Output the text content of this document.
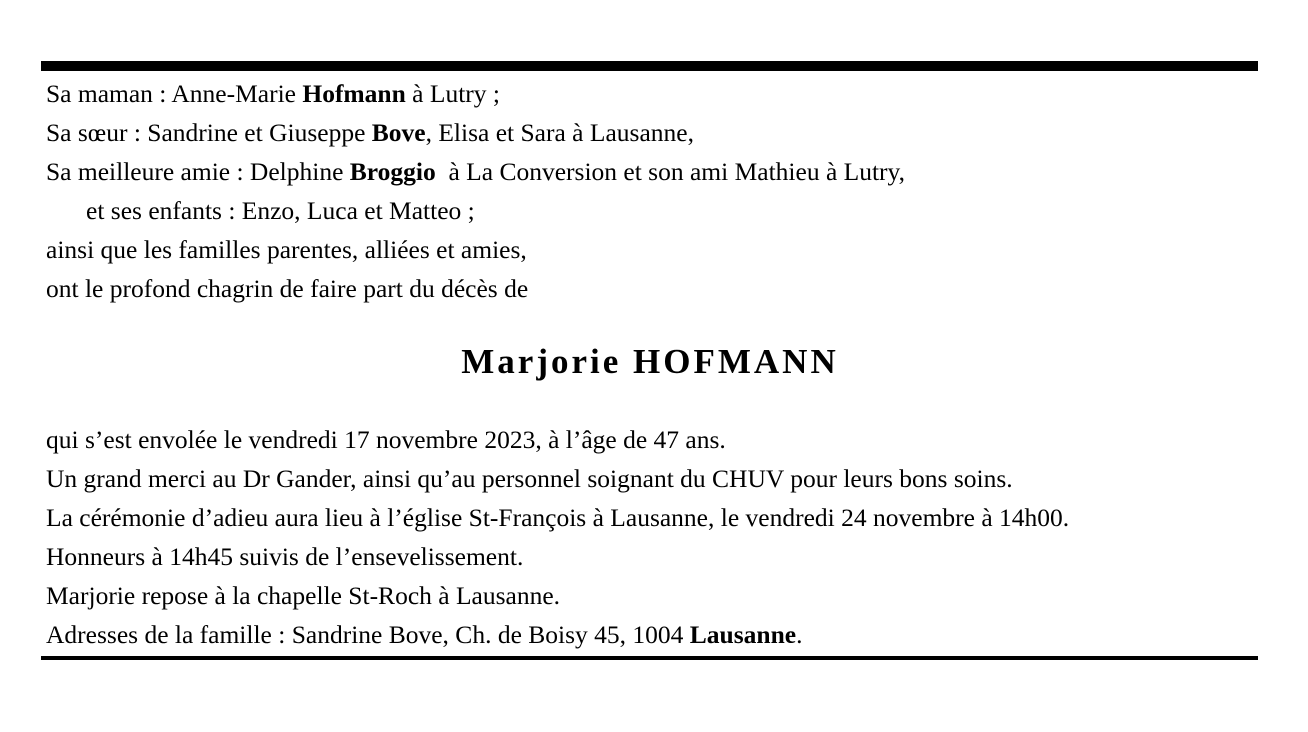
Sa maman : Anne-Marie Hofmann à Lutry ;
Sa sœur : Sandrine et Giuseppe Bove, Elisa et Sara à Lausanne,
Sa meilleure amie : Delphine Broggio  à La Conversion et son ami Mathieu à Lutry,
et ses enfants : Enzo, Luca et Matteo ;
ainsi que les familles parentes, alliées et amies,
ont le profond chagrin de faire part du décès de
Marjorie HOFMANN
qui s’est envolée le vendredi 17 novembre 2023, à l’âge de 47 ans.
Un grand merci au Dr Gander, ainsi qu’au personnel soignant du CHUV pour leurs bons soins.
La cérémonie d’adieu aura lieu à l’église St-François à Lausanne, le vendredi 24 novembre à 14h00.
Honneurs à 14h45 suivis de l’ensevelissement.
Marjorie repose à la chapelle St-Roch à Lausanne.
Adresses de la famille : Sandrine Bove, Ch. de Boisy 45, 1004 Lausanne.
